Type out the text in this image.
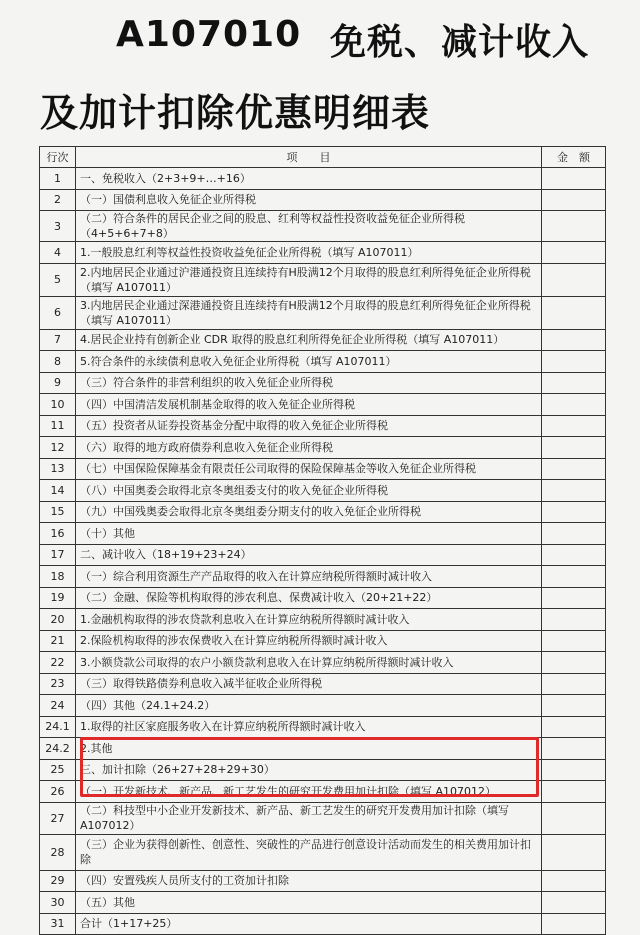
A107010 免税、减计收入
及加计扣除优惠明细表
行次	项　　目	金　额
1	一、免税收入（2+3+9+…+16）	
2	（一）国债利息收入免征企业所得税	
3	（二）符合条件的居民企业之间的股息、红利等权益性投资收益免征企业所得税（4+5+6+7+8）	
4	1.一般股息红利等权益性投资收益免征企业所得税（填写 A107011）	
5	2.内地居民企业通过沪港通投资且连续持有H股满12个月取得的股息红利所得免征企业所得税（填写 A107011）	
6	3.内地居民企业通过深港通投资且连续持有H股满12个月取得的股息红利所得免征企业所得税（填写 A107011）	
7	4.居民企业持有创新企业 CDR 取得的股息红利所得免征企业所得税（填写 A107011）	
8	5.符合条件的永续债利息收入免征企业所得税（填写 A107011）	
9	（三）符合条件的非营利组织的收入免征企业所得税	
10	（四）中国清洁发展机制基金取得的收入免征企业所得税	
11	（五）投资者从证券投资基金分配中取得的收入免征企业所得税	
12	（六）取得的地方政府债券利息收入免征企业所得税	
13	（七）中国保险保障基金有限责任公司取得的保险保障基金等收入免征企业所得税	
14	（八）中国奥委会取得北京冬奥组委支付的收入免征企业所得税	
15	（九）中国残奥委会取得北京冬奥组委分期支付的收入免征企业所得税	
16	（十）其他	
17	二、减计收入（18+19+23+24）	
18	（一）综合利用资源生产产品取得的收入在计算应纳税所得额时减计收入	
19	（二）金融、保险等机构取得的涉农利息、保费减计收入（20+21+22）	
20	1.金融机构取得的涉农贷款利息收入在计算应纳税所得额时减计收入	
21	2.保险机构取得的涉农保费收入在计算应纳税所得额时减计收入	
22	3.小额贷款公司取得的农户小额贷款利息收入在计算应纳税所得额时减计收入	
23	（三）取得铁路债券利息收入减半征收企业所得税	
24	（四）其他（24.1+24.2）	
24.1	1.取得的社区家庭服务收入在计算应纳税所得额时减计收入	
24.2	2.其他	
25	三、加计扣除（26+27+28+29+30）	
26	（一）开发新技术、新产品、新工艺发生的研究开发费用加计扣除（填写 A107012）	
27	（二）科技型中小企业开发新技术、新产品、新工艺发生的研究开发费用加计扣除（填写 A107012）	
28	（三）企业为获得创新性、创意性、突破性的产品进行创意设计活动而发生的相关费用加计扣除	
29	（四）安置残疾人员所支付的工资加计扣除	
30	（五）其他	
31	合计（1+17+25）	
